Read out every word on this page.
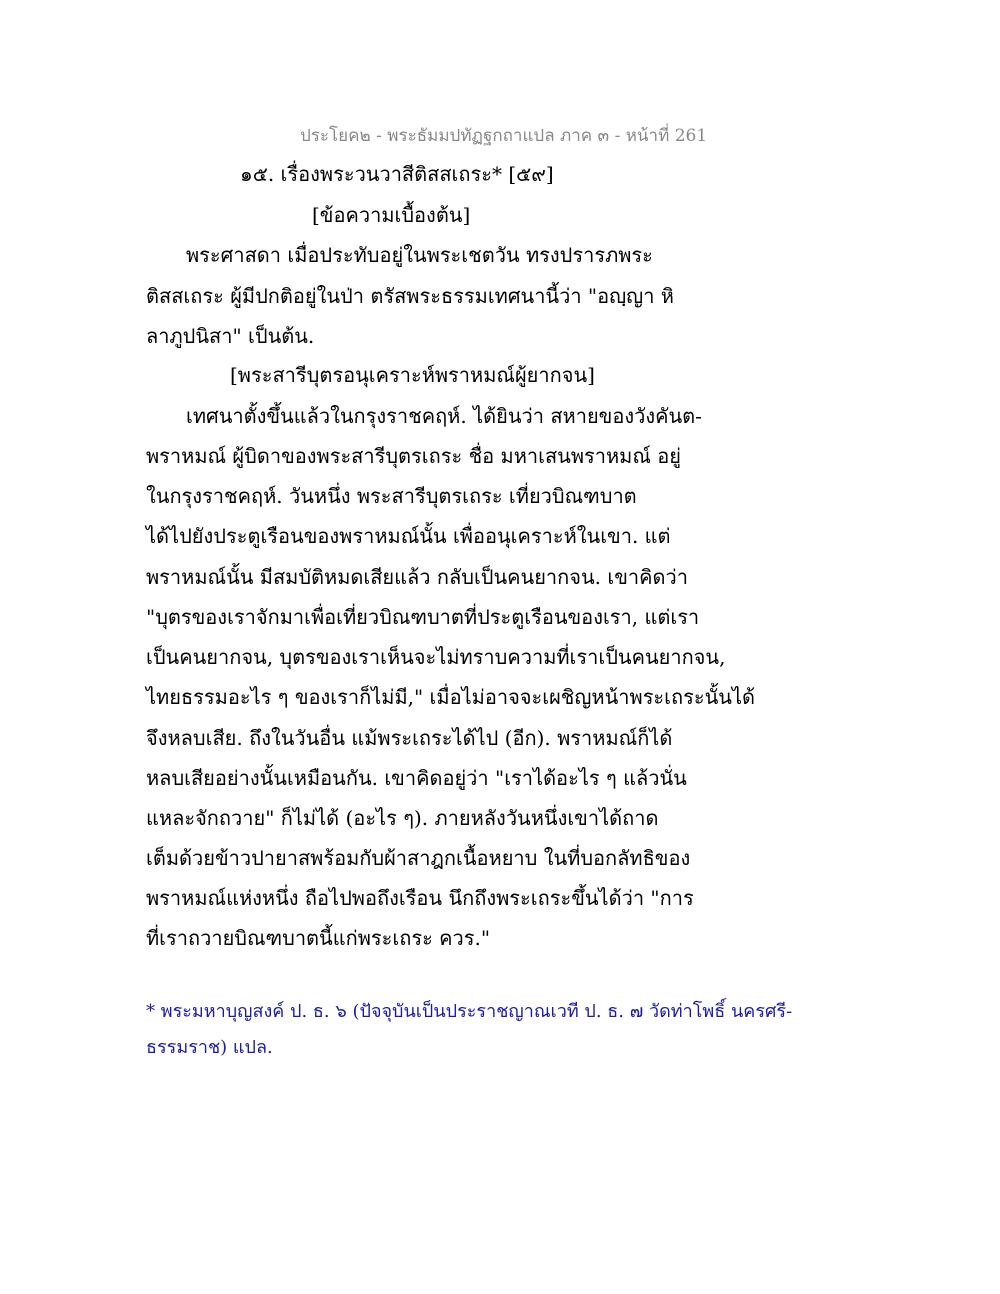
ประโยค๒ - พระธัมมปทัฏฐกถาแปล ภาค ๓ - หน้าที่ 261
๑๕. เรื่องพระวนวาสีติสสเถระ* [๕๙]
[ข้อความเบื้องต้น]
พระศาสดา เมื่อประทับอยู่ในพระเชตวัน ทรงปรารภพระ
ติสสเถระ ผู้มีปกติอยู่ในป่า ตรัสพระธรรมเทศนานี้ว่า "อญฺญา หิ
ลาภูปนิสา" เป็นต้น.
[พระสารีบุตรอนุเคราะห์พราหมณ์ผู้ยากจน]
เทศนาตั้งขึ้นแล้วในกรุงราชคฤห์. ได้ยินว่า สหายของวังคันต-
พราหมณ์ ผู้บิดาของพระสารีบุตรเถระ ชื่อ มหาเสนพราหมณ์ อยู่
ในกรุงราชคฤห์. วันหนึ่ง พระสารีบุตรเถระ เที่ยวบิณฑบาต
ได้ไปยังประตูเรือนของพราหมณ์นั้น เพื่ออนุเคราะห์ในเขา. แต่
พราหมณ์นั้น มีสมบัติหมดเสียแล้ว กลับเป็นคนยากจน. เขาคิดว่า
"บุตรของเราจักมาเพื่อเที่ยวบิณฑบาตที่ประตูเรือนของเรา, แต่เรา
เป็นคนยากจน, บุตรของเราเห็นจะไม่ทราบความที่เราเป็นคนยากจน,
ไทยธรรมอะไร ๆ ของเราก็ไม่มี," เมื่อไม่อาจจะเผชิญหน้าพระเถระนั้นได้
จึงหลบเสีย. ถึงในวันอื่น แม้พระเถระได้ไป (อีก). พราหมณ์ก็ได้
หลบเสียอย่างนั้นเหมือนกัน. เขาคิดอยู่ว่า "เราได้อะไร ๆ แล้วนั่น
แหละจักถวาย" ก็ไม่ได้ (อะไร ๆ). ภายหลังวันหนึ่งเขาได้ถาด
เต็มด้วยข้าวปายาสพร้อมกับผ้าสาฎกเนื้อหยาบ ในที่บอกลัทธิของ
พราหมณ์แห่งหนึ่ง ถือไปพอถึงเรือน นึกถึงพระเถระขึ้นได้ว่า "การ
ที่เราถวายบิณฑบาตนี้แก่พระเถระ ควร."
* พระมหาบุญสงค์ ป. ธ. ๖ (ปัจจุบันเป็นประราชญาณเวที ป. ธ. ๗ วัดท่าโพธิ์ นครศรี-
ธรรมราช) แปล.
